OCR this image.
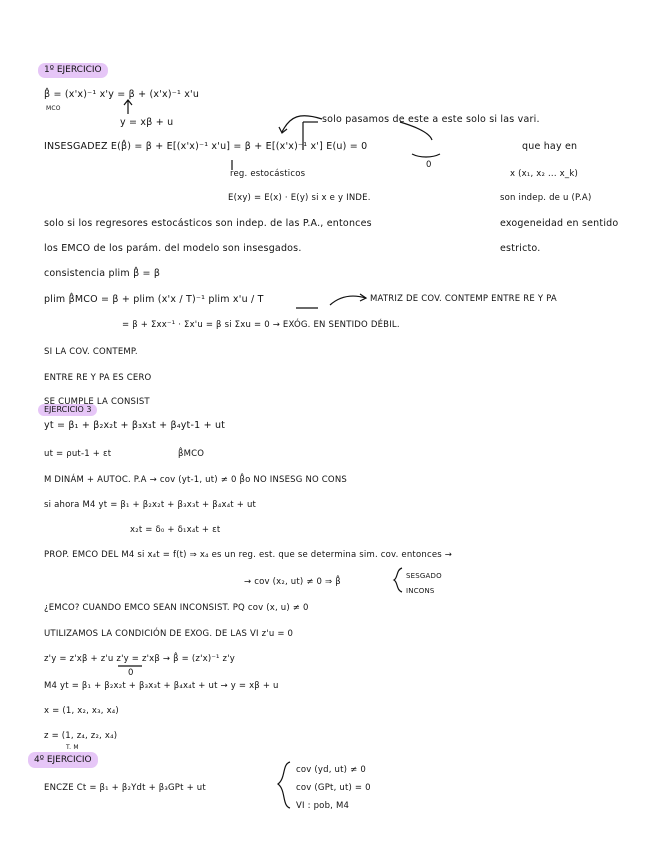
1º EJERCICIO
EJERCICIO 3
4º EJERCICIO
β̂ = (x'x)⁻¹ x'y = β + (x'x)⁻¹ x'u
MCO
y = xβ + u	solo pasamos de este a este solo si las vari.
INSESGADEZ E(β̂) = β + E[(x'x)⁻¹ x'u] = β + E[(x'x)⁻¹ x'] E(u) = 0	que hay en
0
reg. estocásticos	x (x₁, x₂ ... x_k)
E(xy) = E(x) · E(y) si x e y INDE.	son indep. de u (P.A)
solo si los regresores estocásticos son indep. de las P.A., entonces	exogeneidad en sentido
los EMCO de los parám. del modelo son insesgados.	estricto.
consistencia plim β̂ = β
plim β̂MCO = β + plim (x'x / T)⁻¹ plim x'u / T	MATRIZ DE COV. CONTEMP ENTRE RE Y PA
= β + Σxx⁻¹ · Σx'u = β si Σxu = 0 → EXÓG. EN SENTIDO DÉBIL.
SI LA COV. CONTEMP.
ENTRE RE Y PA ES CERO
SE CUMPLE LA CONSIST
yt = β₁ + β₂x₂t + β₃x₃t + β₄yt-1 + ut
ut = ρut-1 + εt	β̂MCO
M DINÁM + AUTOC. P.A → cov (yt-1, ut) ≠ 0 β̂o NO INSESG NO CONS
si ahora M4 yt = β₁ + β₂x₂t + β₃x₃t + β₄x₄t + ut
x₂t = δ₀ + δ₁x₄t + εt
PROP. EMCO DEL M4 si x₄t = f(t) ⇒ x₄ es un reg. est. que se determina sim. cov. entonces →
→ cov (x₂, ut) ≠ 0 ⇒ β̂
SESGADO
INCONS
¿EMCO? CUANDO EMCO SEAN INCONSIST. PQ cov (x, u) ≠ 0
UTILIZAMOS LA CONDICIÓN DE EXOG. DE LAS VI z'u = 0
z'y = z'xβ + z'u z'y = z'xβ → β̂ = (z'x)⁻¹ z'y
0
M4 yt = β₁ + β₂x₂t + β₃x₃t + β₄x₄t + ut → y = xβ + u
x = (1, x₂, x₃, x₄)
z = (1, z₄, z₂, x₄)
T. M
ENCZE Ct = β₁ + β₂Ydt + β₃GPt + ut
cov (yd, ut) ≠ 0
cov (GPt, ut) = 0
VI : pob, M4
